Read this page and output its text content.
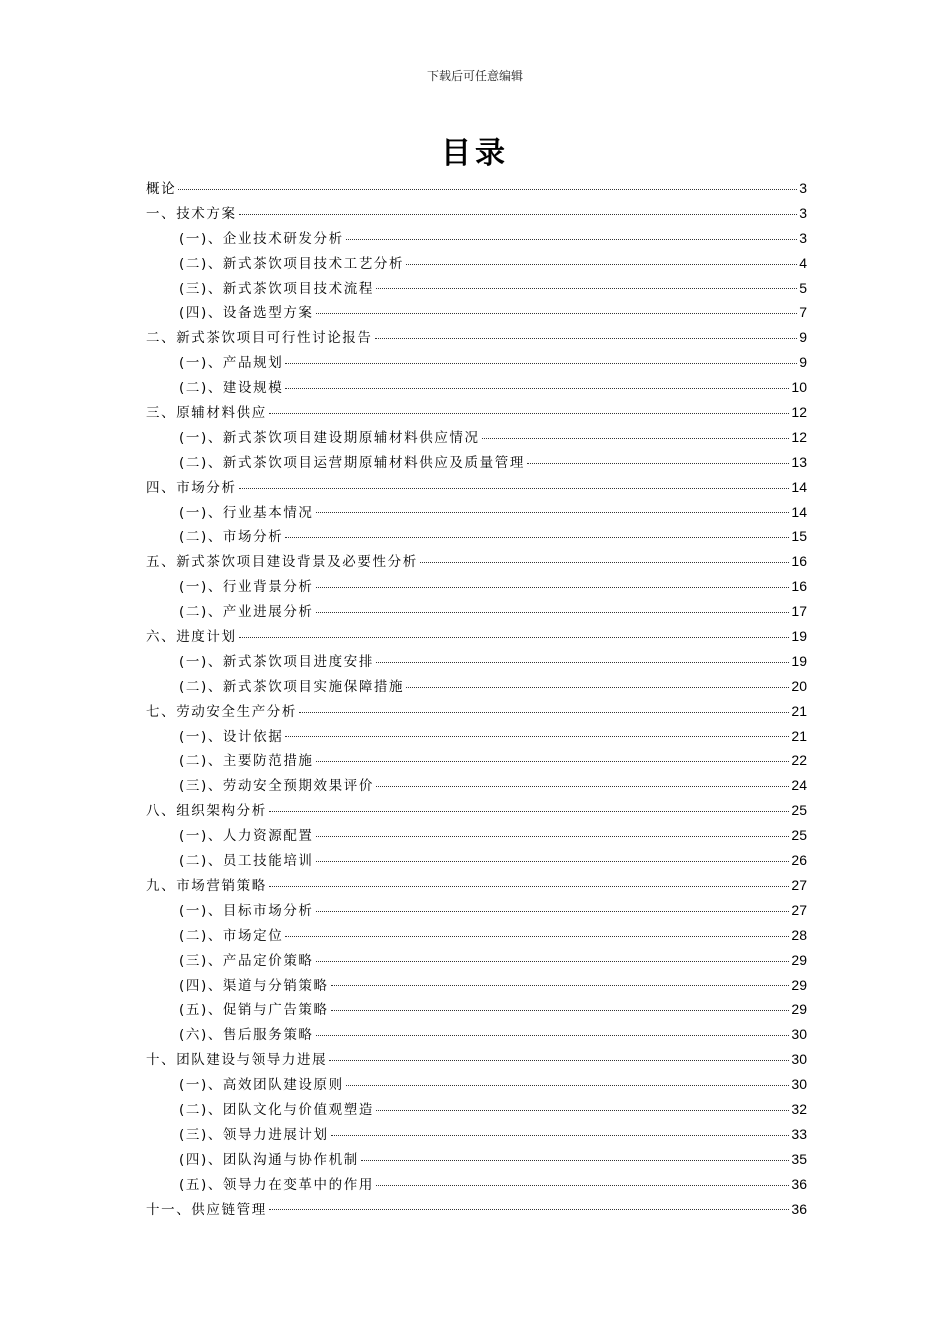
下载后可任意编辑
目录
概论	3
一、技术方案	3
(一)、企业技术研发分析	3
(二)、新式茶饮项目技术工艺分析	4
(三)、新式茶饮项目技术流程	5
(四)、设备选型方案	7
二、新式茶饮项目可行性讨论报告	9
(一)、产品规划	9
(二)、建设规模	10
三、原辅材料供应	12
(一)、新式茶饮项目建设期原辅材料供应情况	12
(二)、新式茶饮项目运营期原辅材料供应及质量管理	13
四、市场分析	14
(一)、行业基本情况	14
(二)、市场分析	15
五、新式茶饮项目建设背景及必要性分析	16
(一)、行业背景分析	16
(二)、产业进展分析	17
六、进度计划	19
(一)、新式茶饮项目进度安排	19
(二)、新式茶饮项目实施保障措施	20
七、劳动安全生产分析	21
(一)、设计依据	21
(二)、主要防范措施	22
(三)、劳动安全预期效果评价	24
八、组织架构分析	25
(一)、人力资源配置	25
(二)、员工技能培训	26
九、市场营销策略	27
(一)、目标市场分析	27
(二)、市场定位	28
(三)、产品定价策略	29
(四)、渠道与分销策略	29
(五)、促销与广告策略	29
(六)、售后服务策略	30
十、团队建设与领导力进展	30
(一)、高效团队建设原则	30
(二)、团队文化与价值观塑造	32
(三)、领导力进展计划	33
(四)、团队沟通与协作机制	35
(五)、领导力在变革中的作用	36
十一、供应链管理	36
